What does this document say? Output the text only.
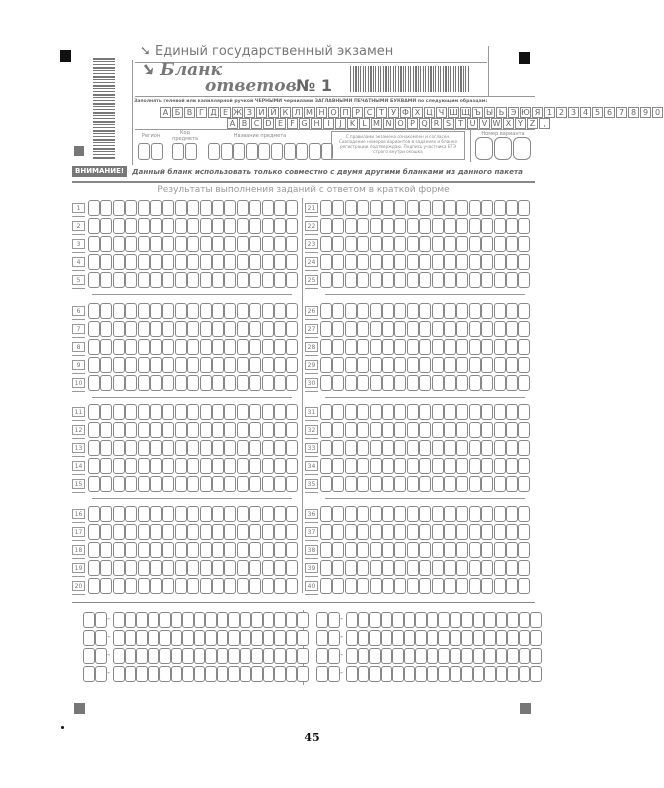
➘ Единый государственный экзамен
➘ Бланк
ответов № 1
Заполнять гелевой или капиллярной ручкой ЧЕРНЫМИ чернилами ЗАГЛАВНЫМИ ПЕЧАТНЫМИ БУКВАМИ по следующим образцам:
А Б В Г Д Е Ж З И Й К Л М Н О П Р С Т У Ф Х Ц Ч Ш Щ Ъ Ы Ь Э Ю Я 1 2 3 4 5 6 7 8 9 0
A B C D E F G H I	J	K L M N O P Q R S T U V W X Y Z ,
Регион	Код предмета	Название предмета	С правилами экзамена ознакомлен и согласен. Совпадение номеров вариантов в заданиях и бланке регистрации подтверждаю. Подпись участника ЕГЭ строго внутри окошка
Номер варианта
ВНИМАНИЕ!	Данный бланк использовать только совместно с двумя другими бланками из данного пакета
Результаты выполнения заданий с ответом в краткой форме
1
2
3
4
5
6
7
8
9
10
11
12
13
14
15
16
17
18
19
20
21
22
23
24
25
26
27
28
29
30
31
32
33
34
35
36
37
38
39
40
-
-
-
-
-
-
-
-
45
